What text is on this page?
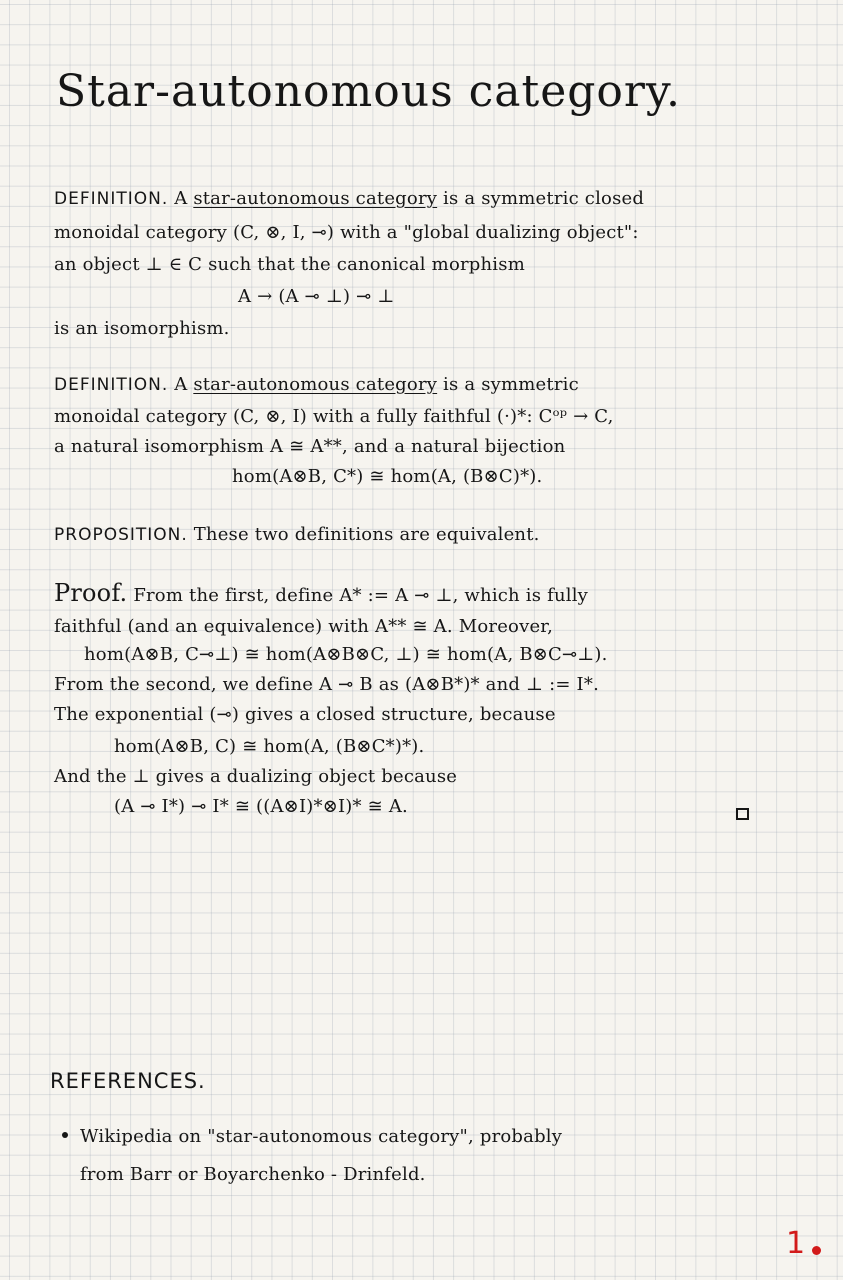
Star-autonomous category.
DEFINITION. A star-autonomous category is a symmetric closed
monoidal category (C, ⊗, I, ⊸) with a "global dualizing object":
an object ⊥ ∈ C such that the canonical morphism
A → (A ⊸ ⊥) ⊸ ⊥
is an isomorphism.
DEFINITION. A star-autonomous category is a symmetric
monoidal category (C, ⊗, I) with a fully faithful (·)*: Cᵒᵖ → C,
a natural isomorphism A ≅ A**, and a natural bijection
hom(A⊗B, C*) ≅ hom(A, (B⊗C)*).
PROPOSITION. These two definitions are equivalent.
Proof. From the first, define A* := A ⊸ ⊥, which is fully
faithful (and an equivalence) with A** ≅ A. Moreover,
hom(A⊗B, C⊸⊥) ≅ hom(A⊗B⊗C, ⊥) ≅ hom(A, B⊗C⊸⊥).
From the second, we define A ⊸ B as (A⊗B*)* and ⊥ := I*.
The exponential (⊸) gives a closed structure, because
hom(A⊗B, C) ≅ hom(A, (B⊗C*)*).
And the ⊥ gives a dualizing object because
(A ⊸ I*) ⊸ I* ≅ ((A⊗I)*⊗I)* ≅ A.
REFERENCES.
Wikipedia on "star-autonomous category", probably
from Barr or Boyarchenko - Drinfeld.
1
